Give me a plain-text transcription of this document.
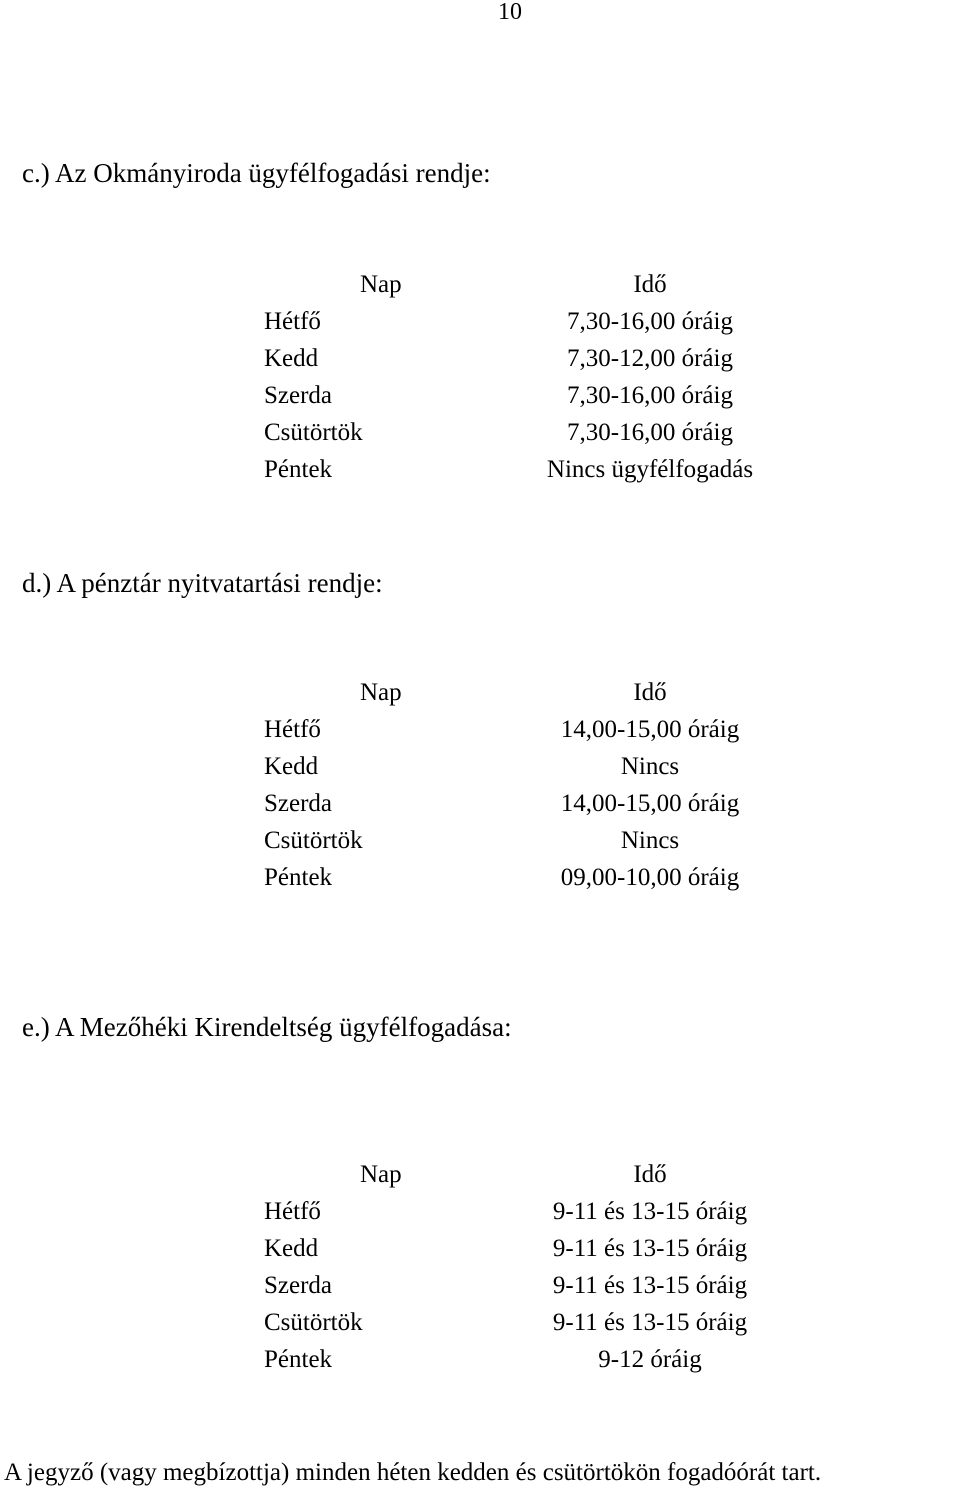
10
c.) Az Okmányiroda ügyfélfogadási rendje:
Nap	Idő
Hétfő	7,30-16,00 óráig
Kedd	7,30-12,00 óráig
Szerda	7,30-16,00 óráig
Csütörtök	7,30-16,00 óráig
Péntek	Nincs ügyfélfogadás
d.) A pénztár nyitvatartási rendje:
Nap	Idő
Hétfő	14,00-15,00 óráig
Kedd	Nincs
Szerda	14,00-15,00 óráig
Csütörtök	Nincs
Péntek	09,00-10,00 óráig
e.) A Mezőhéki Kirendeltség ügyfélfogadása:
Nap	Idő
Hétfő	9-11 és 13-15 óráig
Kedd	9-11 és 13-15 óráig
Szerda	9-11 és 13-15 óráig
Csütörtök	9-11 és 13-15 óráig
Péntek	9-12 óráig
A jegyző (vagy megbízottja) minden héten kedden és csütörtökön fogadóórát tart.
